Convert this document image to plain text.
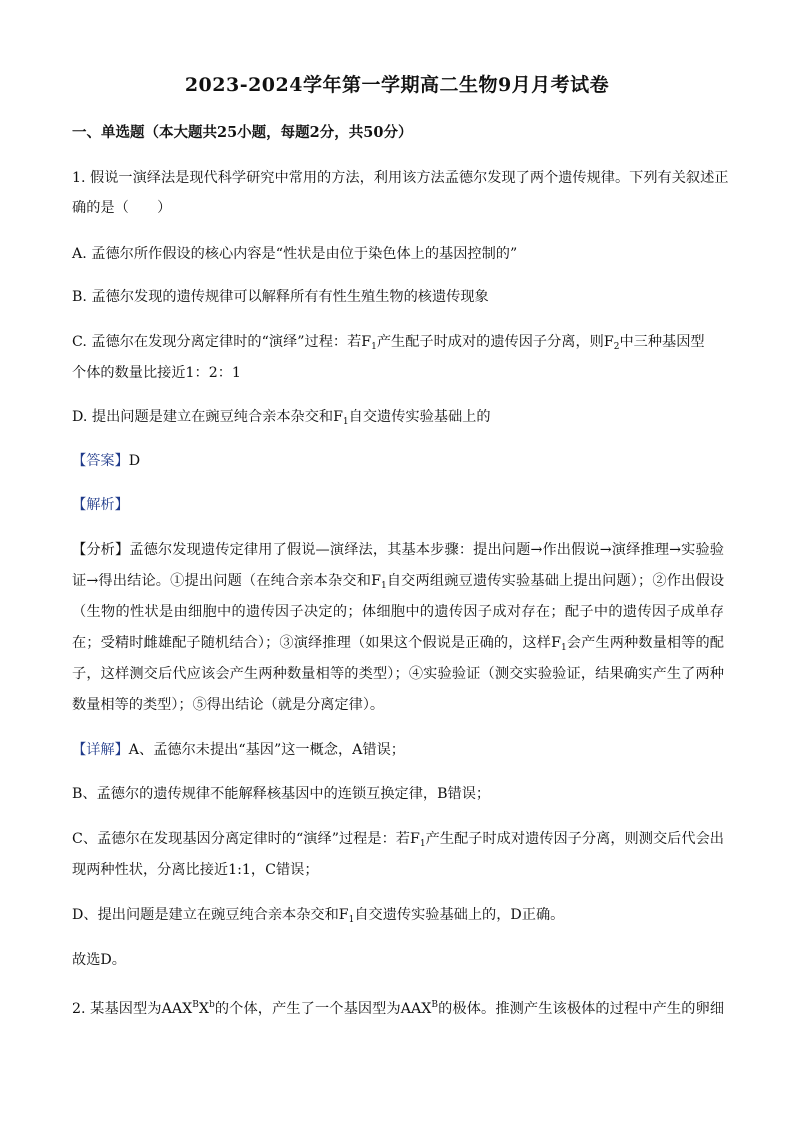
2023-2024学年第一学期高二生物9月月考试卷
一、单选题（本大题共25小题，每题2分，共50分）
1. 假说一演绎法是现代科学研究中常用的方法，利用该方法孟德尔发现了两个遗传规律。下列有关叙述正
确的是（　　）
A. 孟德尔所作假设的核心内容是“性状是由位于染色体上的基因控制的”
B. 孟德尔发现的遗传规律可以解释所有有性生殖生物的核遗传现象
C. 孟德尔在发现分离定律时的“演绎”过程：若$F_1$产生配子时成对的遗传因子分离，则$F_2$中三种基因型
个体的数量比接近1：2：1
D. 提出问题是建立在豌豆纯合亲本杂交和$F_1$自交遗传实验基础上的
【答案】D
【解析】
【分析】孟德尔发现遗传定律用了假说—演绎法，其基本步骤：提出问题→作出假说→演绎推理→实验验
证→得出结论。①提出问题（在纯合亲本杂交和$F_1$自交两组豌豆遗传实验基础上提出问题）；②作出假设
（生物的性状是由细胞中的遗传因子决定的；体细胞中的遗传因子成对存在；配子中的遗传因子成单存
在；受精时雌雄配子随机结合）；③演绎推理（如果这个假说是正确的，这样$F_1$会产生两种数量相等的配
子，这样测交后代应该会产生两种数量相等的类型）；④实验验证（测交实验验证，结果确实产生了两种
数量相等的类型）；⑤得出结论（就是分离定律）。
【详解】A、孟德尔未提出“基因”这一概念，A错误；
B、孟德尔的遗传规律不能解释核基因中的连锁互换定律，B错误；
C、孟德尔在发现基因分离定律时的“演绎”过程是：若$F_1$产生配子时成对遗传因子分离，则测交后代会出
现两种性状，分离比接近1:1，C错误；
D、提出问题是建立在豌豆纯合亲本杂交和$F_1$自交遗传实验基础上的，D正确。
故选D。
2. 某基因型为$AAX^BX^b$的个体，产生了一个基因型为$AAX^B$的极体。推测产生该极体的过程中产生的卵细
